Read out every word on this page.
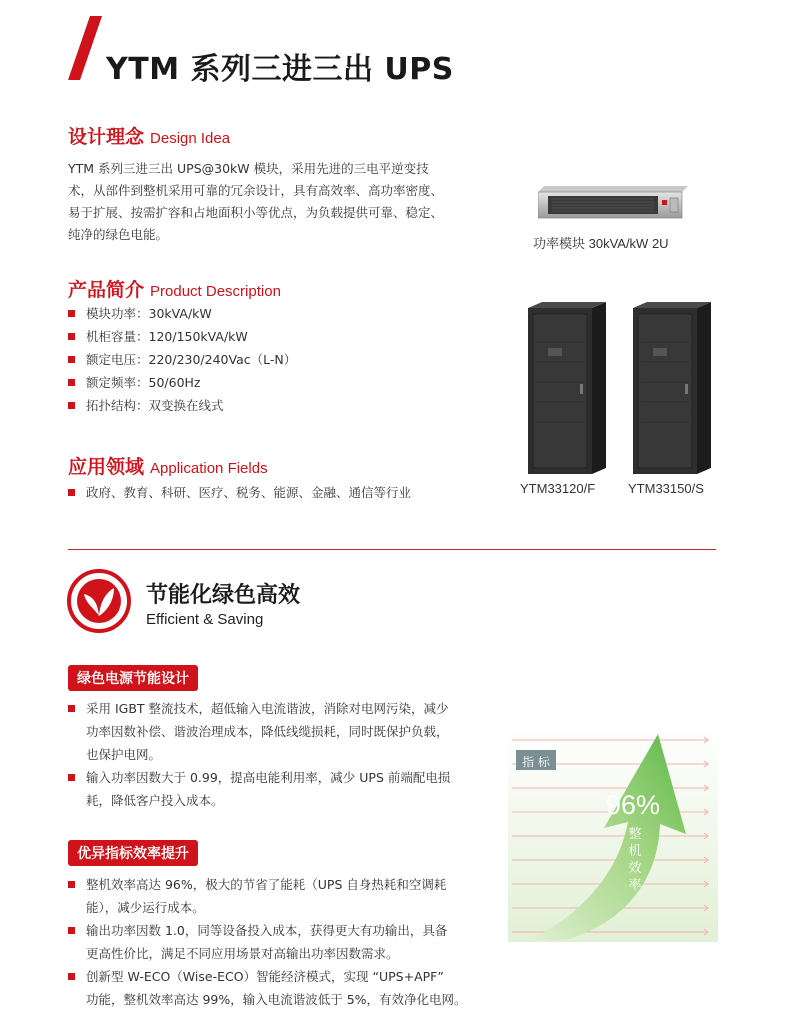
YTM 系列三进三出 UPS
设计理念 Design Idea
YTM 系列三进三出 UPS@30kW 模块，采用先进的三电平逆变技
术，从部件到整机采用可靠的冗余设计，具有高效率、高功率密度、
易于扩展、按需扩容和占地面积小等优点，为负载提供可靠、稳定、
纯净的绿色电能。
功率模块 30kVA/kW 2U
产品简介 Product Description
模块功率：30kVA/kW
机柜容量：120/150kVA/kW
额定电压：220/230/240Vac（L-N）
额定频率：50/60Hz
拓扑结构：双变换在线式
YTM33120/F	YTM33150/S
应用领域 Application Fields
政府、教育、科研、医疗、税务、能源、金融、通信等行业
节能化绿色高效
Efficient & Saving
绿色电源节能设计
采用 IGBT 整流技术，超低输入电流谐波，消除对电网污染，减少
功率因数补偿、谐波治理成本，降低线缆损耗，同时既保护负载，
也保护电网。
输入功率因数大于 0.99，提高电能利用率，减少 UPS 前端配电损
耗，降低客户投入成本。
优异指标效率提升
整机效率高达 96%，极大的节省了能耗（UPS 自身热耗和空调耗
能），减少运行成本。
输出功率因数 1.0，同等设备投入成本，获得更大有功输出，具备
更高性价比，满足不同应用场景对高输出功率因数需求。
创新型 W-ECO（Wise-ECO）智能经济模式，实现 “UPS+APF”
功能，整机效率高达 99%，输入电流谐波低于 5%，有效净化电网。
指 标
96%
整
机
效
率
